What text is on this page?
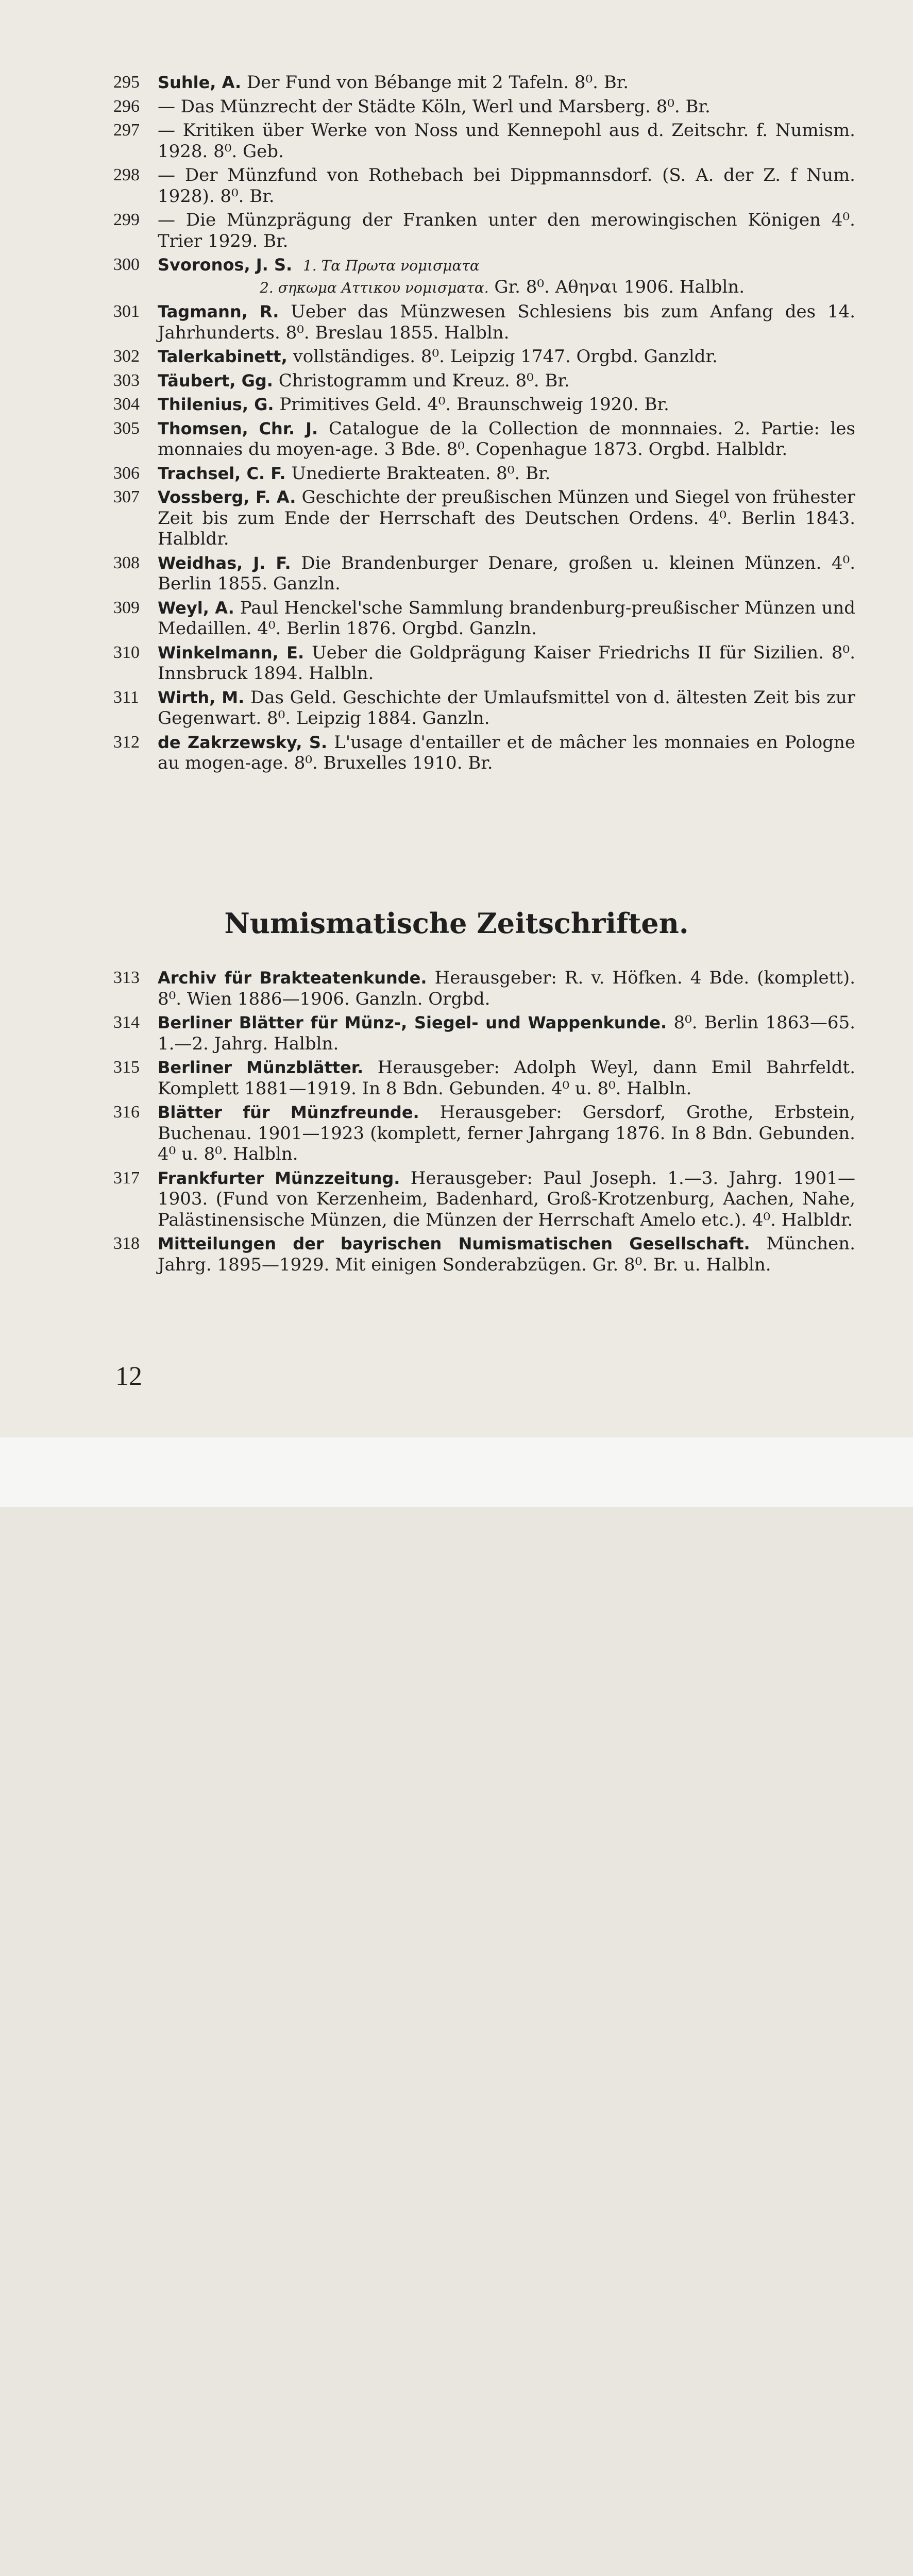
295 Suhle, A. Der Fund von Bébange mit 2 Tafeln. 8⁰. Br.
296 — Das Münzrecht der Städte Köln, Werl und Marsberg. 8⁰. Br.
297 — Kritiken über Werke von Noss und Kennepohl aus d. Zeitschr. f. Numism. 1928. 8⁰. Geb.
298 — Der Münzfund von Rothebach bei Dippmannsdorf. (S. A. der Z. f Num. 1928). 8⁰. Br.
299 — Die Münzprägung der Franken unter den merowingischen Königen 4⁰. Trier 1929. Br.
300 Svoronos, J. S. 1. Τα Πρωτα νομισματα
2. σηκωμα Αττικου νομισματα. Gr. 8⁰. Αθηναι 1906. Halbln.
301 Tagmann, R. Ueber das Münzwesen Schlesiens bis zum Anfang des 14. Jahrhunderts. 8⁰. Breslau 1855. Halbln.
302 Talerkabinett, vollständiges. 8⁰. Leipzig 1747. Orgbd. Ganzldr.
303 Täubert, Gg. Christogramm und Kreuz. 8⁰. Br.
304 Thilenius, G. Primitives Geld. 4⁰. Braunschweig 1920. Br.
305 Thomsen, Chr. J. Catalogue de la Collection de monnnaies. 2. Partie: les monnaies du moyen-age. 3 Bde. 8⁰. Copenhague 1873. Orgbd. Halbldr.
306 Trachsel, C. F. Unedierte Brakteaten. 8⁰. Br.
307 Vossberg, F. A. Geschichte der preußischen Münzen und Siegel von frühester Zeit bis zum Ende der Herrschaft des Deutschen Ordens. 4⁰. Berlin 1843. Halbldr.
308 Weidhas, J. F. Die Brandenburger Denare, großen u. kleinen Münzen. 4⁰. Berlin 1855. Ganzln.
309 Weyl, A. Paul Henckel'sche Sammlung brandenburg-preußischer Münzen und Medaillen. 4⁰. Berlin 1876. Orgbd. Ganzln.
310 Winkelmann, E. Ueber die Goldprägung Kaiser Friedrichs II für Sizilien. 8⁰. Innsbruck 1894. Halbln.
311 Wirth, M. Das Geld. Geschichte der Umlaufsmittel von d. ältesten Zeit bis zur Gegenwart. 8⁰. Leipzig 1884. Ganzln.
312 de Zakrzewsky, S. L'usage d'entailler et de mâcher les monnaies en Pologne au mogen-age. 8⁰. Bruxelles 1910. Br.
Numismatische Zeitschriften.
313 Archiv für Brakteatenkunde. Herausgeber: R. v. Höfken. 4 Bde. (komplett). 8⁰. Wien 1886—1906. Ganzln. Orgbd.
314 Berliner Blätter für Münz-, Siegel- und Wappenkunde. 8⁰. Berlin 1863—65. 1.—2. Jahrg. Halbln.
315 Berliner Münzblätter. Herausgeber: Adolph Weyl, dann Emil Bahrfeldt. Komplett 1881—1919. In 8 Bdn. Gebunden. 4⁰ u. 8⁰. Halbln.
316 Blätter für Münzfreunde. Herausgeber: Gersdorf, Grothe, Erbstein, Buchenau. 1901—1923 (komplett, ferner Jahrgang 1876. In 8 Bdn. Gebunden. 4⁰ u. 8⁰. Halbln.
317 Frankfurter Münzzeitung. Herausgeber: Paul Joseph. 1.—3. Jahrg. 1901—1903. (Fund von Kerzenheim, Badenhard, Groß-Krotzenburg, Aachen, Nahe, Palästinensische Münzen, die Münzen der Herrschaft Amelo etc.). 4⁰. Halbldr.
318 Mitteilungen der bayrischen Numismatischen Gesellschaft. München. Jahrg. 1895—1929. Mit einigen Sonderabzügen. Gr. 8⁰. Br. u. Halbln.
12
